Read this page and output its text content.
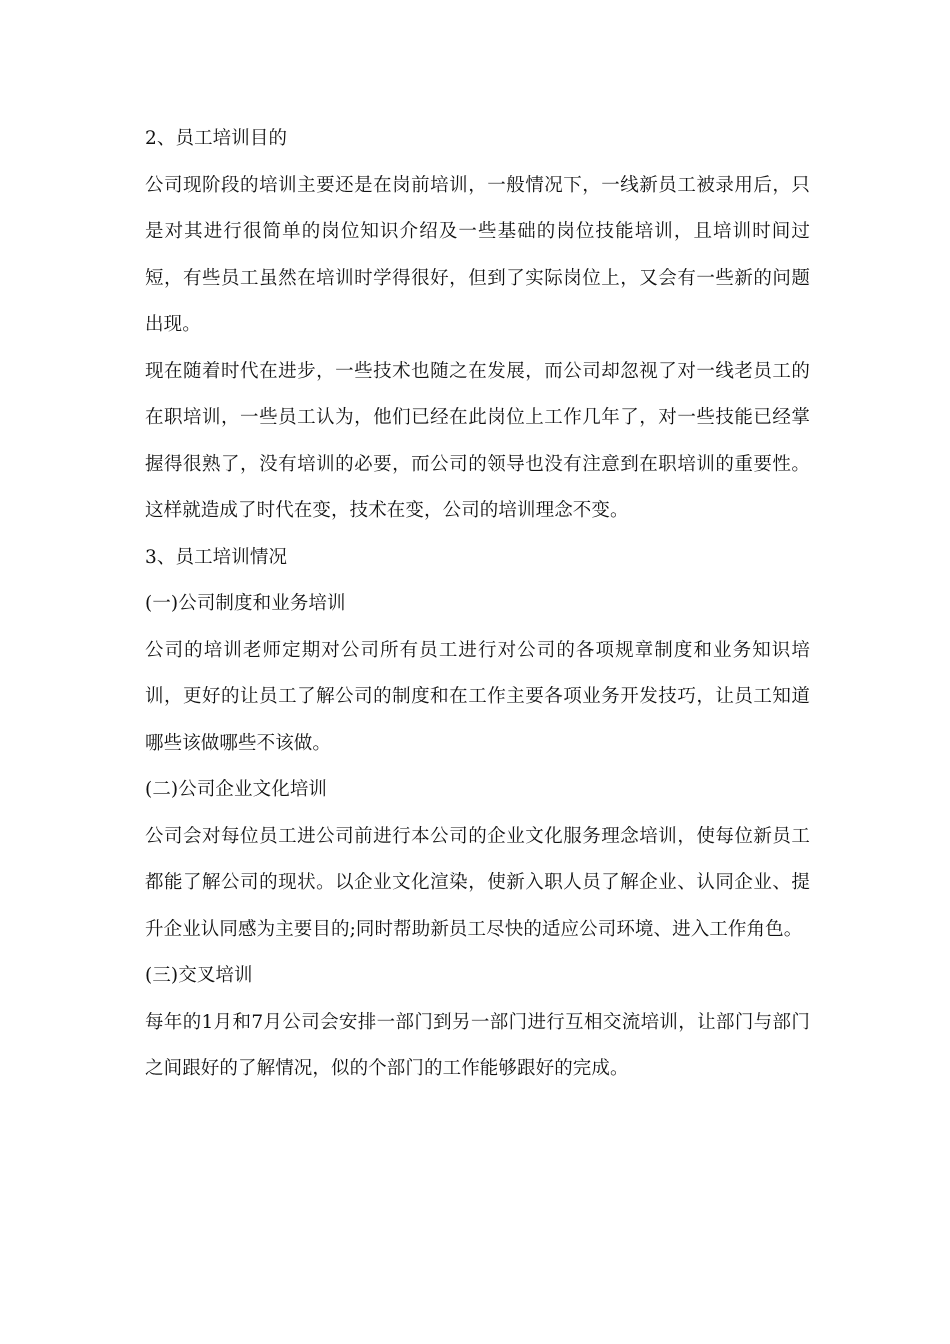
2、员工培训目的

公司现阶段的培训主要还是在岗前培训，一般情况下，一线新员工被录用后，只是对其进行很简单的岗位知识介绍及一些基础的岗位技能培训，且培训时间过短，有些员工虽然在培训时学得很好，但到了实际岗位上，又会有一些新的问题出现。

现在随着时代在进步，一些技术也随之在发展，而公司却忽视了对一线老员工的在职培训，一些员工认为，他们已经在此岗位上工作几年了，对一些技能已经掌握得很熟了，没有培训的必要，而公司的领导也没有注意到在职培训的重要性。这样就造成了时代在变，技术在变，公司的培训理念不变。

3、员工培训情况

(一)公司制度和业务培训

公司的培训老师定期对公司所有员工进行对公司的各项规章制度和业务知识培训，更好的让员工了解公司的制度和在工作主要各项业务开发技巧，让员工知道哪些该做哪些不该做。

(二)公司企业文化培训

公司会对每位员工进公司前进行本公司的企业文化服务理念培训，使每位新员工都能了解公司的现状。以企业文化渲染，使新入职人员了解企业、认同企业、提升企业认同感为主要目的;同时帮助新员工尽快的适应公司环境、进入工作角色。

(三)交叉培训

每年的1月和7月公司会安排一部门到另一部门进行互相交流培训，让部门与部门之间跟好的了解情况，似的个部门的工作能够跟好的完成。
